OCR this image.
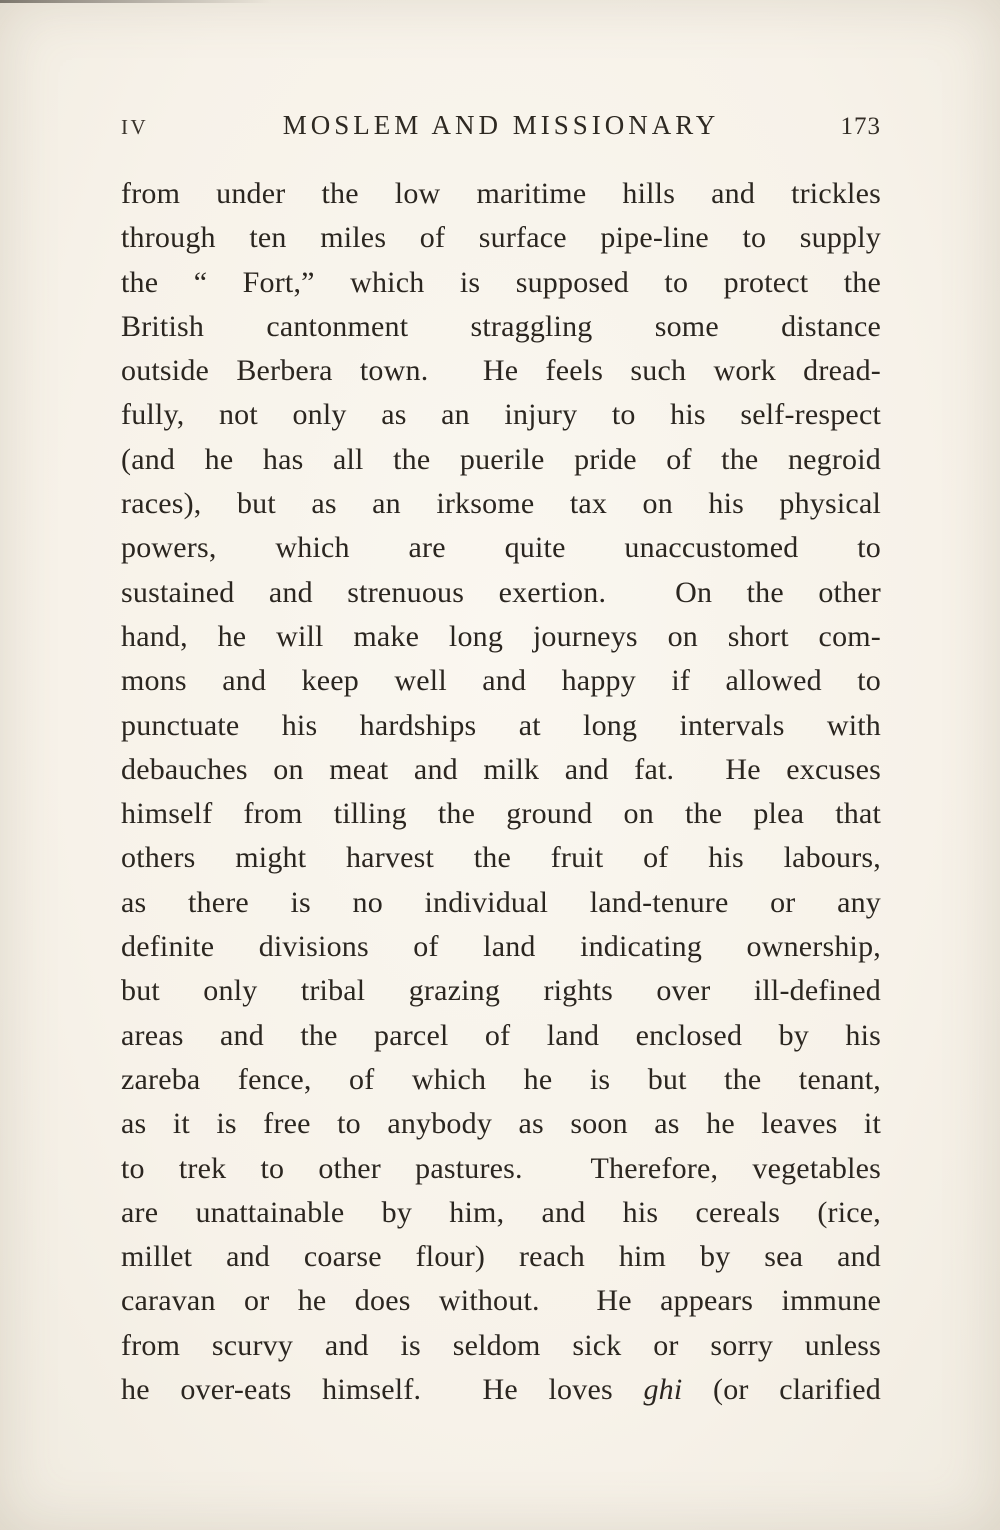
IV	MOSLEM AND MISSIONARY	173
from under the low maritime hills and trickles
through ten miles of surface pipe-line to supply
the “ Fort,” which is supposed to protect the
British cantonment straggling some distance
outside Berbera town.  He feels such work dread-
fully, not only as an injury to his self-respect
(and he has all the puerile pride of the negroid
races), but as an irksome tax on his physical
powers, which are quite unaccustomed to
sustained and strenuous exertion.  On the other
hand, he will make long journeys on short com-
mons and keep well and happy if allowed to
punctuate his hardships at long intervals with
debauches on meat and milk and fat.  He excuses
himself from tilling the ground on the plea that
others might harvest the fruit of his labours,
as there is no individual land-tenure or any
definite divisions of land indicating ownership,
but only tribal grazing rights over ill-defined
areas and the parcel of land enclosed by his
zareba fence, of which he is but the tenant,
as it is free to anybody as soon as he leaves it
to trek to other pastures.  Therefore, vegetables
are unattainable by him, and his cereals (rice,
millet and coarse flour) reach him by sea and
caravan or he does without.  He appears immune
from scurvy and is seldom sick or sorry unless
he over-eats himself.  He loves ghi (or clarified
